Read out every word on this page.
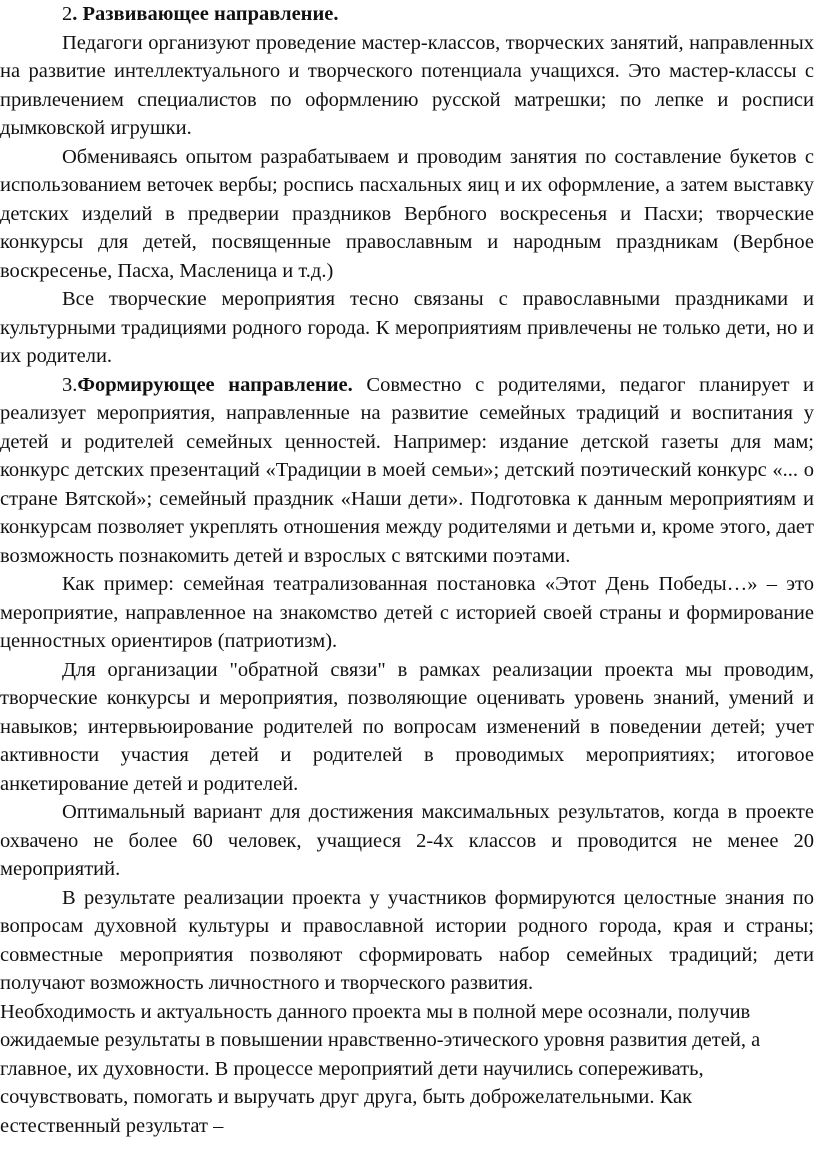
2. Развивающее направление.

Педагоги организуют проведение мастер-классов, творческих занятий, направленных на развитие интеллектуального и творческого потенциала учащихся. Это мастер-классы с привлечением специалистов по оформлению русской матрешки; по лепке и росписи дымковской игрушки.

Обмениваясь опытом разрабатываем и проводим занятия по составление букетов с использованием веточек вербы; роспись пасхальных яиц и их оформление, а затем выставку детских изделий в предверии праздников Вербного воскресенья и Пасхи; творческие конкурсы для детей, посвященные православным и народным праздникам (Вербное воскресенье, Пасха, Масленица и т.д.)

Все творческие мероприятия тесно связаны с православными праздниками и культурными традициями родного города. К мероприятиям привлечены не только дети, но и их родители.

3.Формирующее направление. Совместно с родителями, педагог планирует и реализует мероприятия, направленные на развитие семейных традиций и воспитания у детей и родителей семейных ценностей. Например: издание детской газеты для мам; конкурс детских презентаций «Традиции в моей семьи»; детский поэтический конкурс «... о стране Вятской»; семейный праздник «Наши дети». Подготовка к данным мероприятиям и конкурсам позволяет укреплять отношения между родителями и детьми и, кроме этого, дает возможность познакомить детей и взрослых с вятскими поэтами.

Как пример: семейная театрализованная постановка «Этот День Победы…» – это мероприятие, направленное на знакомство детей с историей своей страны и формирование ценностных ориентиров (патриотизм).

Для организации "обратной связи" в рамках реализации проекта мы проводим, творческие конкурсы и мероприятия, позволяющие оценивать уровень знаний, умений и навыков; интервьюирование родителей по вопросам изменений в поведении детей; учет активности участия детей и родителей в проводимых мероприятиях; итоговое анкетирование детей и родителей.

Оптимальный вариант для достижения максимальных результатов, когда в проекте охвачено не более 60 человек, учащиеся 2-4х классов и проводится не менее 20 мероприятий.

В результате реализации проекта у участников формируются целостные знания по вопросам духовной культуры и православной истории родного города, края и страны; совместные мероприятия позволяют сформировать набор семейных традиций; дети получают возможность личностного и творческого развития.

Необходимость и актуальность данного проекта мы в полной мере осознали, получив ожидаемые результаты в повышении нравственно-этического уровня развития детей, а главное, их духовности. В процессе мероприятий дети научились сопереживать, сочувствовать, помогать и выручать друг друга, быть доброжелательными. Как естественный результат –
